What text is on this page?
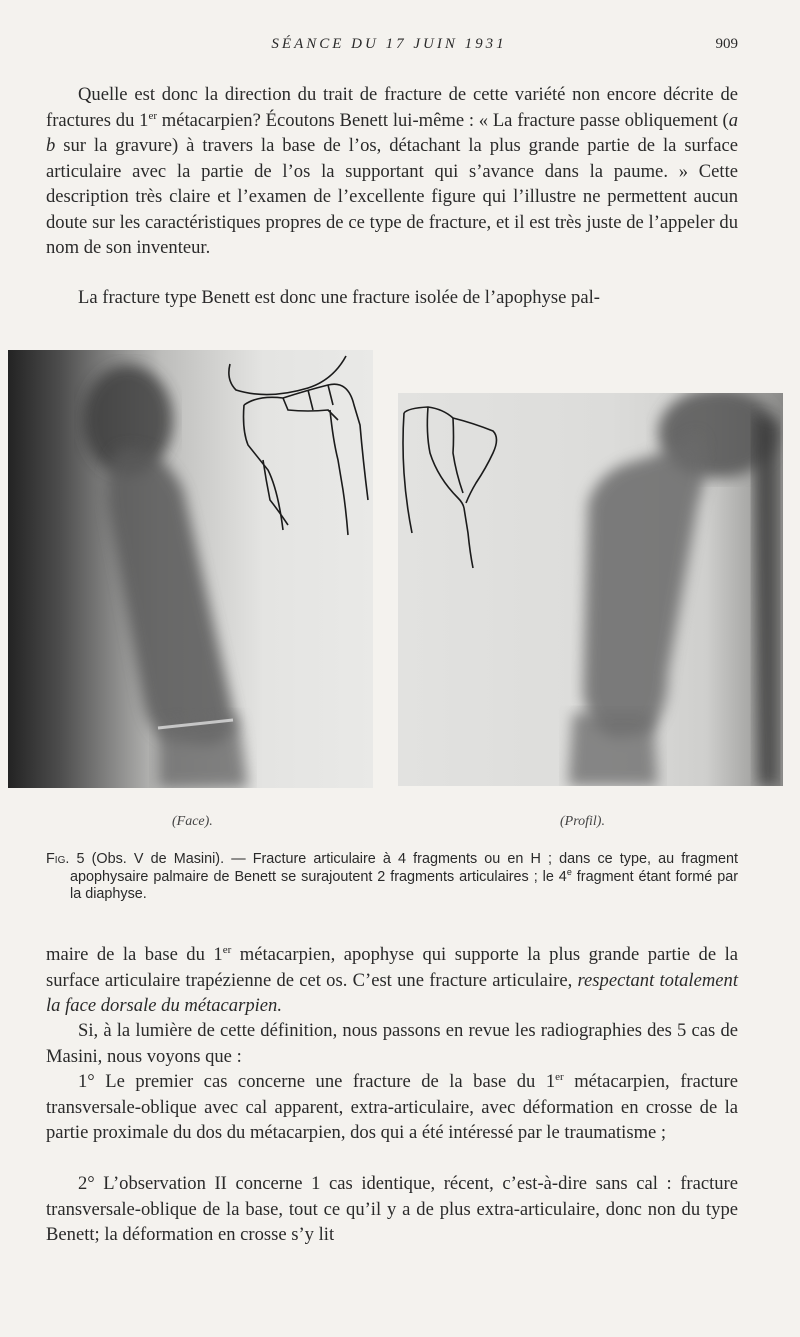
SÉANCE DU 17 JUIN 1931	909

Quelle est donc la direction du trait de fracture de cette variété non encore décrite de fractures du 1er métacarpien? Écoutons Benett lui-même : « La fracture passe obliquement (a b sur la gravure) à travers la base de l’os, détachant la plus grande partie de la surface articulaire avec la partie de l’os la supportant qui s’avance dans la paume. » Cette description très claire et l’examen de l’excellente figure qui l’illustre ne permettent aucun doute sur les caractéristiques propres de ce type de fracture, et il est très juste de l’appeler du nom de son inventeur.

La fracture type Benett est donc une fracture isolée de l’apophyse pal-

(Face).	(Profil).

Fig. 5 (Obs. V de Masini). — Fracture articulaire à 4 fragments ou en H ; dans ce type, au fragment apophysaire palmaire de Benett se surajoutent 2 fragments articulaires ; le 4e fragment étant formé par la diaphyse.

maire de la base du 1er métacarpien, apophyse qui supporte la plus grande partie de la surface articulaire trapézienne de cet os. C’est une fracture articulaire, respectant totalement la face dorsale du métacarpien.

Si, à la lumière de cette définition, nous passons en revue les radiographies des 5 cas de Masini, nous voyons que :

1° Le premier cas concerne une fracture de la base du 1er métacarpien, fracture transversale-oblique avec cal apparent, extra-articulaire, avec déformation en crosse de la partie proximale du dos du métacarpien, dos qui a été intéressé par le traumatisme ;

2° L’observation II concerne 1 cas identique, récent, c’est-à-dire sans cal : fracture transversale-oblique de la base, tout ce qu’il y a de plus extra-articulaire, donc non du type Benett; la déformation en crosse s’y lit
